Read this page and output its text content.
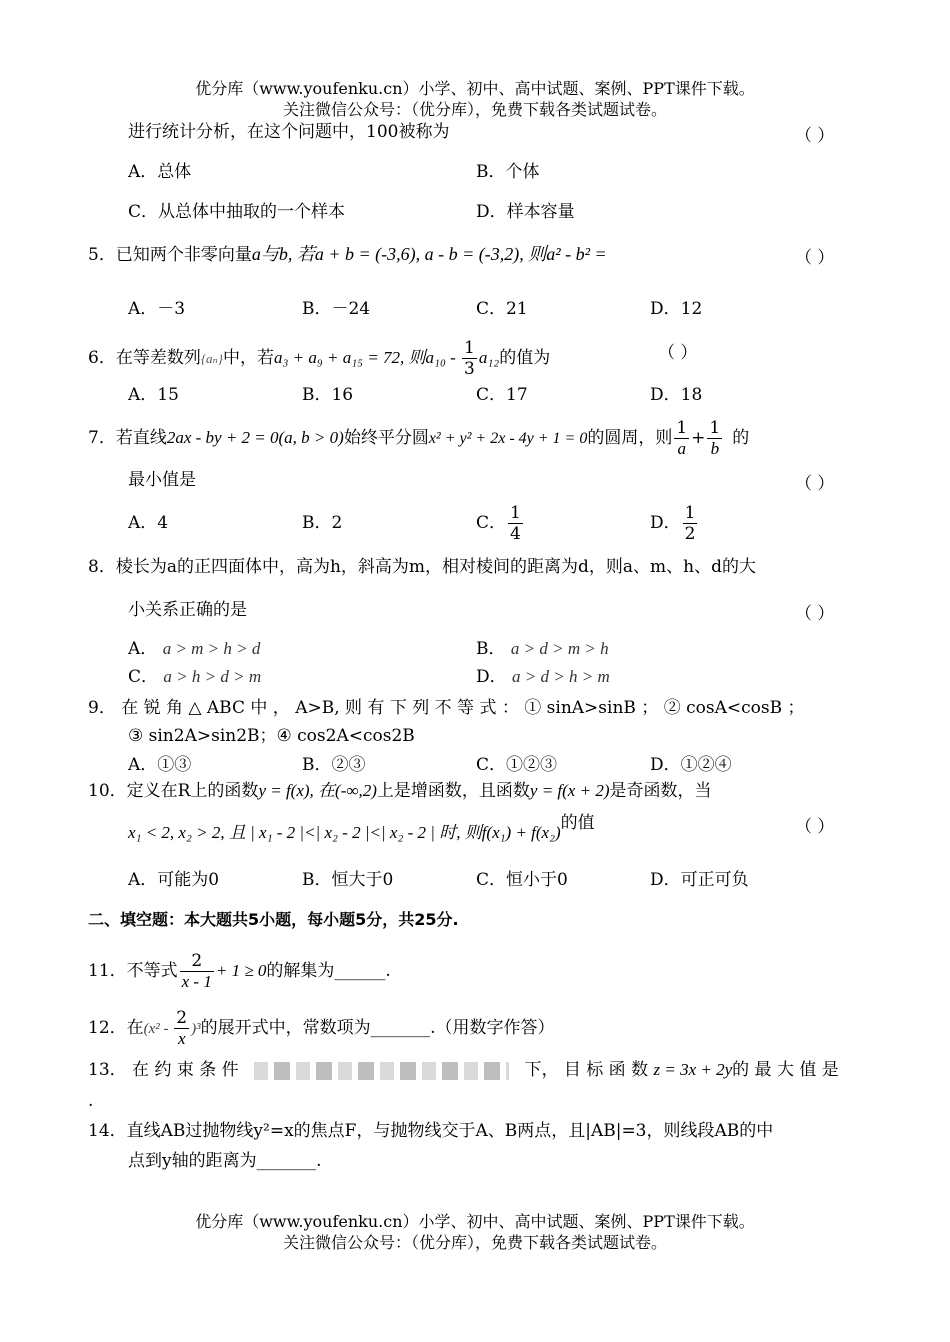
优分库（www.youfenku.cn）小学、初中、高中试题、案例、PPT课件下载。
关注微信公众号：（优分库），免费下载各类试题试卷。
进行统计分析，在这个问题中，100被称为	（ ）
A．总体	B．个体
C．从总体中抽取的一个样本	D．样本容量
5．已知两个非零向量a与b, 若a + b = (-3,6), a - b = (-3,2), 则a² - b² =	（ ）
A．－3	B．－24	C．21	D．12
6．在等差数列{aₙ}中，若a₃ + a₉ + a₁₅ = 72, 则$a_{10} - \frac{1}{3} a_{12}$的值为	（ ）
A．15	B．16	C．17	D．18
7．若直线2ax - by + 2 = 0(a, b > 0)始终平分圆x² + y² + 2x - 4y + 1 = 0的圆周，则 $\frac{1}{a} + \frac{1}{b}$ 的
最小值是	（ ）
A．4	B．2	C． $\frac{1}{4}$	D． $\frac{1}{2}$
8．棱长为a的正四面体中，高为h，斜高为m，相对棱间的距离为d，则a、m、h、d的大
小关系正确的是	（ ）
A． a > m > h > d	B． a > d > m > h
C． a > h > d > m	D． a > d > h > m
9． 在 锐 角 △ ABC 中 ， A>B, 则 有 下 列 不 等 式 ： ① sinA>sinB ； ② cosA<cosB ；
③ sin2A>sin2B；④ cos2A<cos2B
A．①③	B．②③	C．①②③	D．①②④
10．定义在R上的函数y = f(x), 在(-∞,2)上是增函数，且函数y = f(x + 2)是奇函数，当
x₁ < 2, x₂ > 2, 且 | x₁ - 2 |<| x₂ - 2 |<| x₂ - 2 | 时, 则f(x₁) + f(x₂)的值	（ ）
A．可能为0	B．恒大于0	C．恒小于0	D．可正可负
二、填空题：本大题共5小题，每小题5分，共25分.
11．不等式 $\frac{2}{x - 1} + 1 \ge 0$的解集为______.
12．在$(x^2 - \frac{2}{x} )^3$的展开式中，常数项为_______.（用数字作答）
13． 在 约 束 条 件	下， 目 标 函 数 z = 3x + 2y的 最 大 值 是
.
14．直线AB过抛物线y²=x的焦点F，与抛物线交于A、B两点，且|AB|=3，则线段AB的中
点到y轴的距离为_______.
优分库（www.youfenku.cn）小学、初中、高中试题、案例、PPT课件下载。
关注微信公众号：（优分库），免费下载各类试题试卷。
